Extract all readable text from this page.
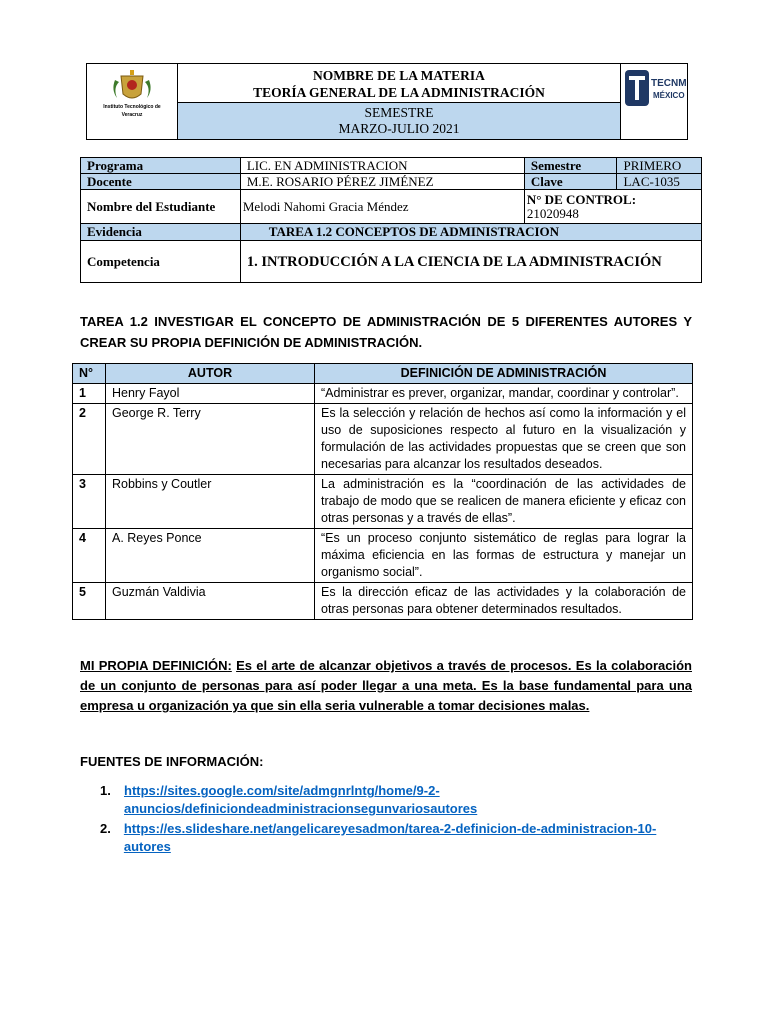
Instituto Tecnológico de
Veracruz
NOMBRE DE LA MATERIA
TEORÍA GENERAL DE LA ADMINISTRACIÓN
SEMESTRE
MARZO-JULIO 2021
TECNM
MÉXICO
Programa	LIC. EN ADMINISTRACION	Semestre	PRIMERO
Docente	M.E. ROSARIO PÉREZ JIMÉNEZ	Clave	LAC-1035
Nombre del Estudiante	Melodi Nahomi Gracia Méndez	N° DE CONTROL:
21020948	

Evidencia	TAREA 1.2 CONCEPTOS DE ADMINISTRACION		
Competencia	1. INTRODUCCIÓN A LA CIENCIA DE LA ADMINISTRACIÓN		
TAREA 1.2 INVESTIGAR EL CONCEPTO DE ADMINISTRACIÓN DE 5 DIFERENTES AUTORES Y CREAR SU PROPIA DEFINICIÓN DE ADMINISTRACIÓN.
N°	AUTOR	DEFINICIÓN DE ADMINISTRACIÓN
1	Henry Fayol	“Administrar es prever, organizar, mandar, coordinar y controlar”.
2	George R. Terry	Es la selección y relación de hechos así como la información y el uso de suposiciones respecto al futuro en la visualización y formulación de las actividades propuestas que se creen que son necesarias para alcanzar los resultados deseados.
3	Robbins y Coutler	La administración es la “coordinación de las actividades de trabajo de modo que se realicen de manera eficiente y eficaz con otras personas y a través de ellas”.
4	A. Reyes Ponce	“Es un proceso conjunto sistemático de reglas para lograr la máxima eficiencia en las formas de estructura y manejar un organismo social”.
5	Guzmán Valdivia	Es la dirección eficaz de las actividades y la colaboración de otras personas para obtener determinados resultados.
MI PROPIA DEFINICIÓN: Es el arte de alcanzar objetivos a través de procesos. Es la colaboración de un conjunto de personas para así poder llegar a una meta. Es la base fundamental para una empresa u organización ya que sin ella seria vulnerable a tomar decisiones malas.
FUENTES DE INFORMACIÓN:
1.	https://sites.google.com/site/admgnrlntg/home/9-2-
anuncios/definiciondeadministracionsegunvariosautores
2.	https://es.slideshare.net/angelicareyesadmon/tarea-2-definicion-de-administracion-10-autores
